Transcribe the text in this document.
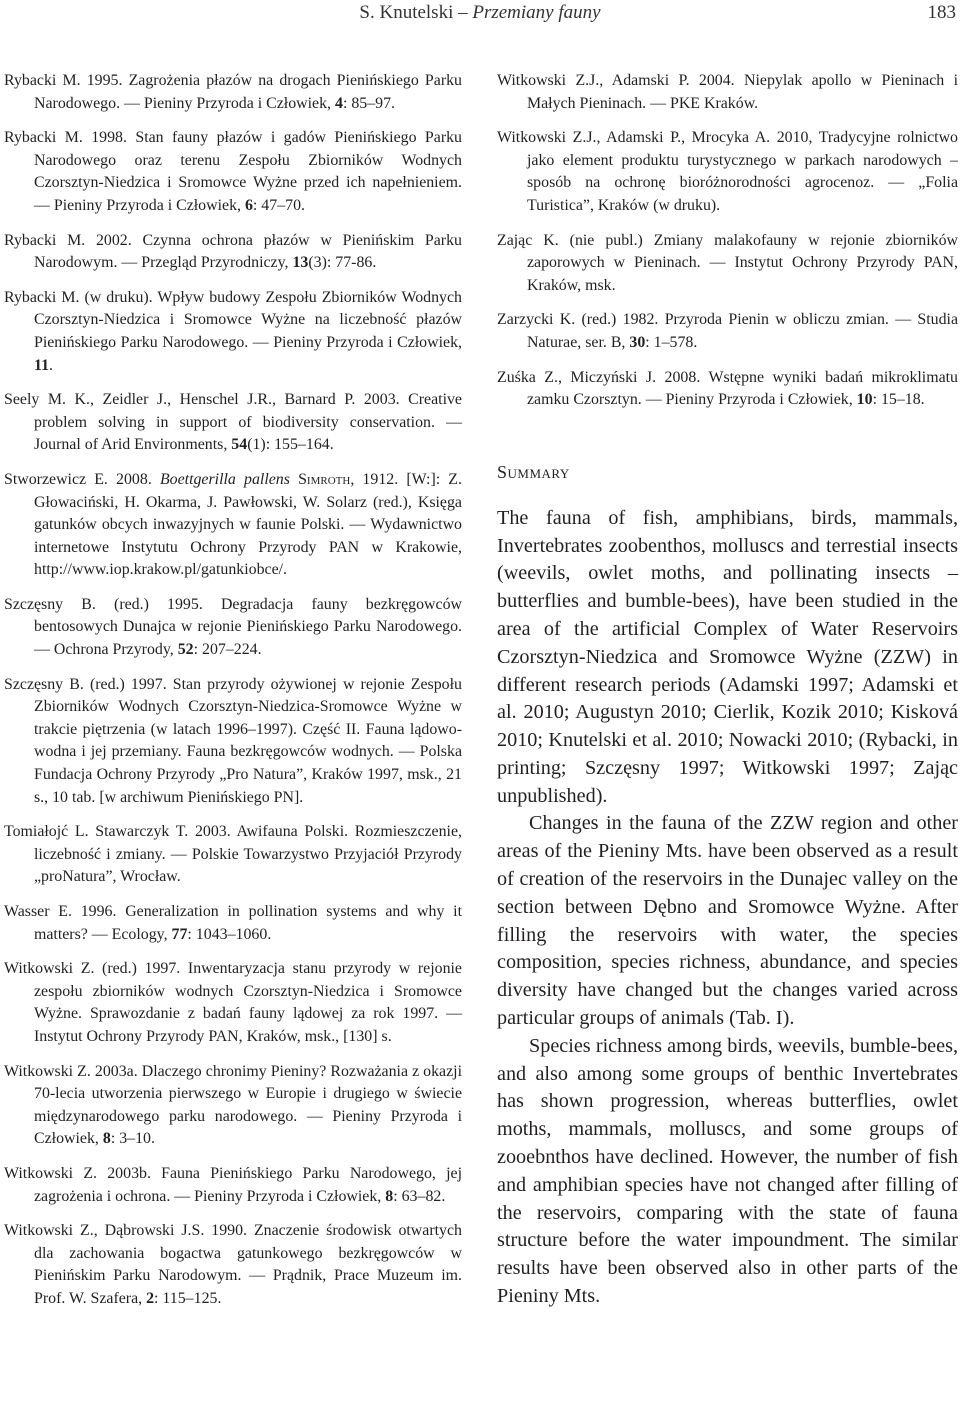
S. Knutelski – Przemiany fauny	183

Rybacki M. 1995. Zagrożenia płazów na drogach Pienińskiego Parku Narodowego. — Pieniny Przyroda i Człowiek, 4: 85–97.

Rybacki M. 1998. Stan fauny płazów i gadów Pienińskiego Parku Narodowego oraz terenu Zespołu Zbiorników Wodnych Czorsztyn-Niedzica i Sromowce Wyżne przed ich napełnieniem. — Pieniny Przyroda i Człowiek, 6: 47–70.

Rybacki M. 2002. Czynna ochrona płazów w Pienińskim Parku Narodowym. — Przegląd Przyrodniczy, 13(3): 77-86.

Rybacki M. (w druku). Wpływ budowy Zespołu Zbiorników Wodnych Czorsztyn-Niedzica i Sromowce Wyżne na liczebność płazów Pienińskiego Parku Narodowego. — Pieniny Przyroda i Człowiek, 11.

Seely M. K., Zeidler J., Henschel J.R., Barnard P. 2003. Creative problem solving in support of biodiversity conservation. — Journal of Arid Environments, 54(1): 155–164.

Stworzewicz E. 2008. Boettgerilla pallens Simroth, 1912. [W:]: Z. Głowaciński, H. Okarma, J. Pawłowski, W. Solarz (red.), Księga gatunków obcych inwazyjnych w faunie Polski. — Wydawnictwo internetowe Instytutu Ochrony Przyrody PAN w Krakowie, http://www.iop.krakow.pl/gatunkiobce/.

Szczęsny B. (red.) 1995. Degradacja fauny bezkręgowców bentosowych Dunajca w rejonie Pienińskiego Parku Narodowego. — Ochrona Przyrody, 52: 207–224.

Szczęsny B. (red.) 1997. Stan przyrody ożywionej w rejonie Zespołu Zbiorników Wodnych Czorsztyn-Niedzica-Sromowce Wyżne w trakcie piętrzenia (w latach 1996–1997). Część II. Fauna lądowo-wodna i jej przemiany. Fauna bezkręgowców wodnych. — Polska Fundacja Ochrony Przyrody „Pro Natura”, Kraków 1997, msk., 21 s., 10 tab. [w archiwum Pienińskiego PN].

Tomiałojć L. Stawarczyk T. 2003. Awifauna Polski. Rozmieszczenie, liczebność i zmiany. — Polskie Towarzystwo Przyjaciół Przyrody „proNatura”, Wrocław.

Wasser E. 1996. Generalization in pollination systems and why it matters? — Ecology, 77: 1043–1060.

Witkowski Z. (red.) 1997. Inwentaryzacja stanu przyrody w rejonie zespołu zbiorników wodnych Czorsztyn-Niedzica i Sromowce Wyżne. Sprawozdanie z badań fauny lądowej za rok 1997. — Instytut Ochrony Przyrody PAN, Kraków, msk., [130] s.

Witkowski Z. 2003a. Dlaczego chronimy Pieniny? Rozważania z okazji 70-lecia utworzenia pierwszego w Europie i drugiego w świecie międzynarodowego parku narodowego. — Pieniny Przyroda i Człowiek, 8: 3–10.

Witkowski Z. 2003b. Fauna Pienińskiego Parku Narodowego, jej zagrożenia i ochrona. — Pieniny Przyroda i Człowiek, 8: 63–82.

Witkowski Z., Dąbrowski J.S. 1990. Znaczenie środowisk otwartych dla zachowania bogactwa gatunkowego bezkręgowców w Pienińskim Parku Narodowym. — Prądnik, Prace Muzeum im. Prof. W. Szafera, 2: 115–125.

Witkowski Z.J., Adamski P. 2004. Niepylak apollo w Pieninach i Małych Pieninach. — PKE Kraków.

Witkowski Z.J., Adamski P., Mrocyka A. 2010, Tradycyjne rolnictwo jako element produktu turystycznego w parkach narodowych – sposób na ochronę bioróżnorodności agrocenoz. — „Folia Turistica”, Kraków (w druku).

Zając K. (nie publ.) Zmiany malakofauny w rejonie zbiorników zaporowych w Pieninach. — Instytut Ochrony Przyrody PAN, Kraków, msk.

Zarzycki K. (red.) 1982. Przyroda Pienin w obliczu zmian. — Studia Naturae, ser. B, 30: 1–578.

Zuśka Z., Miczyński J. 2008. Wstępne wyniki badań mikroklimatu zamku Czorsztyn. — Pieniny Przyroda i Człowiek, 10: 15–18.

Summary

The fauna of fish, amphibians, birds, mammals, Invertebrates zoobenthos, molluscs and terrestial insects (weevils, owlet moths, and pollinating insects – butterflies and bumble-bees), have been studied in the area of the artificial Complex of Water Reservoirs Czorsztyn-Niedzica and Sromowce Wyżne (ZZW) in different research periods (Adamski 1997; Adamski et al. 2010; Augustyn 2010; Cierlik, Kozik 2010; Kisková 2010; Knutelski et al. 2010; Nowacki 2010; (Rybacki, in printing; Szczęsny 1997; Witkowski 1997; Zając unpublished).

Changes in the fauna of the ZZW region and other areas of the Pieniny Mts. have been observed as a result of creation of the reservoirs in the Dunajec valley on the section between Dębno and Sromowce Wyżne. After filling the reservoirs with water, the species composition, species richness, abundance, and species diversity have changed but the changes varied across particular groups of animals (Tab. I).

Species richness among birds, weevils, bumble-bees, and also among some groups of benthic Invertebrates has shown progression, whereas butterflies, owlet moths, mammals, molluscs, and some groups of zooebnthos have declined. However, the number of fish and amphibian species have not changed after filling of the reservoirs, comparing with the state of fauna structure before the water impoundment. The similar results have been observed also in other parts of the Pieniny Mts.
